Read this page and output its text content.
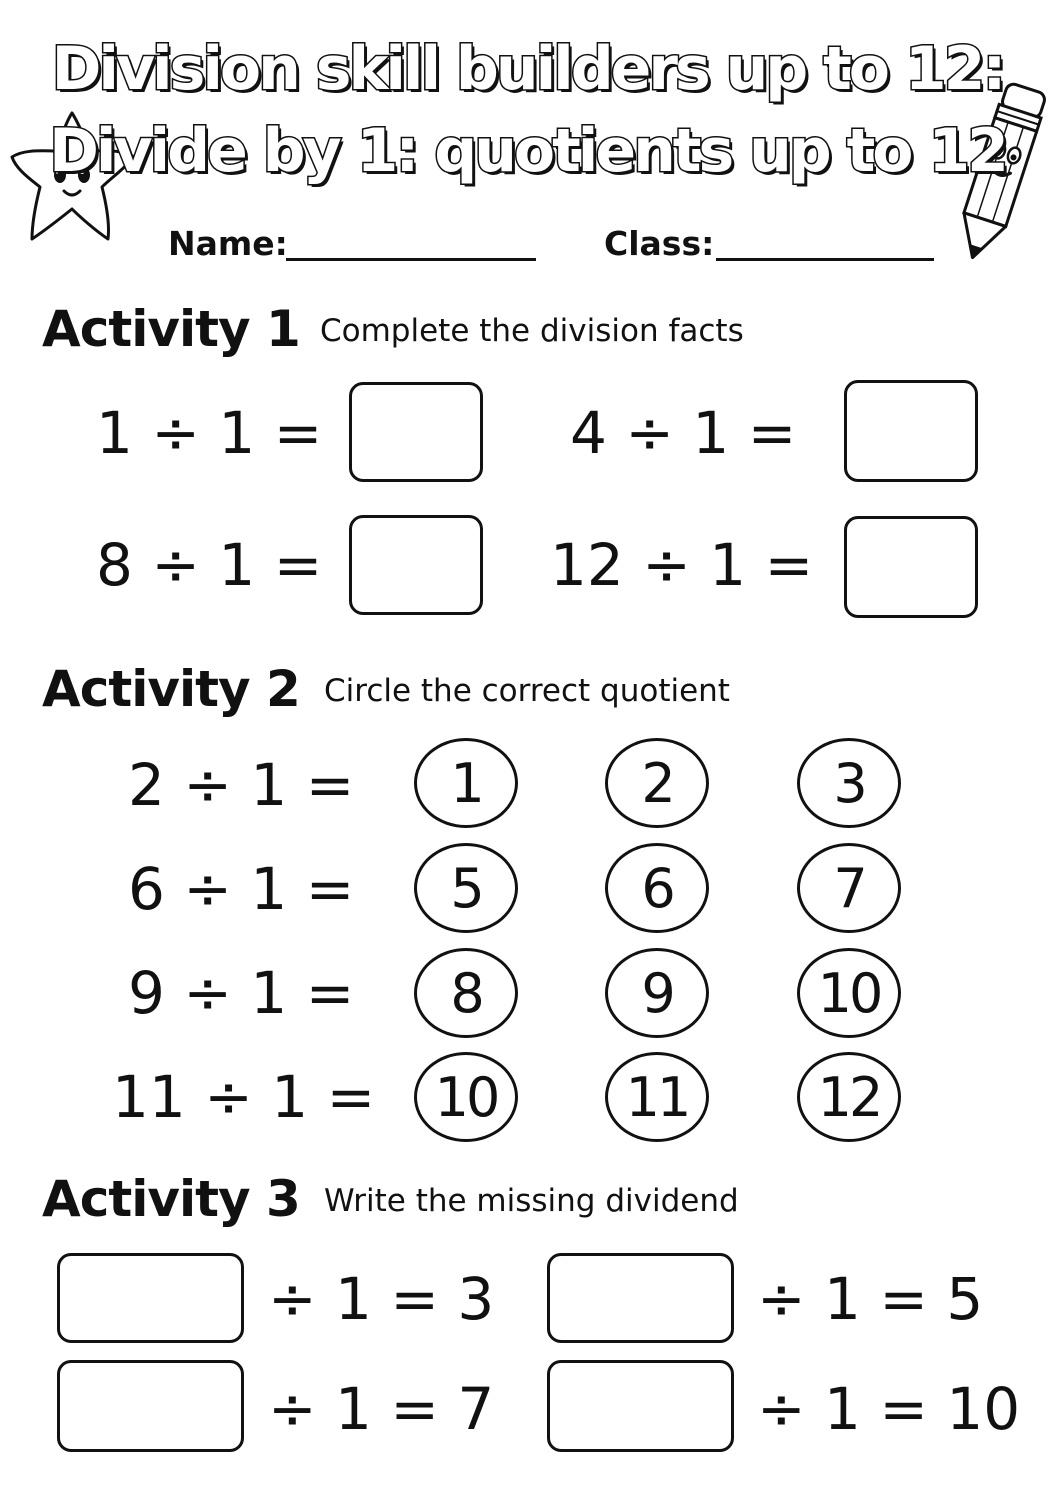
Division skill builders up to 12:
Divide by 1: quotients up to 12
Name:	Class:
Activity 1 Complete the division facts
1 ÷ 1 =	4 ÷ 1 =
8 ÷ 1 =	12 ÷ 1 =
Activity 2 Circle the correct quotient
2 ÷ 1 =	1	2	3
6 ÷ 1 =	5	6	7
9 ÷ 1 =	8	9	10
11 ÷ 1 =	10	11	12
Activity 3 Write the missing dividend
÷ 1 = 3	÷ 1 = 5
÷ 1 = 7	÷ 1 = 10
